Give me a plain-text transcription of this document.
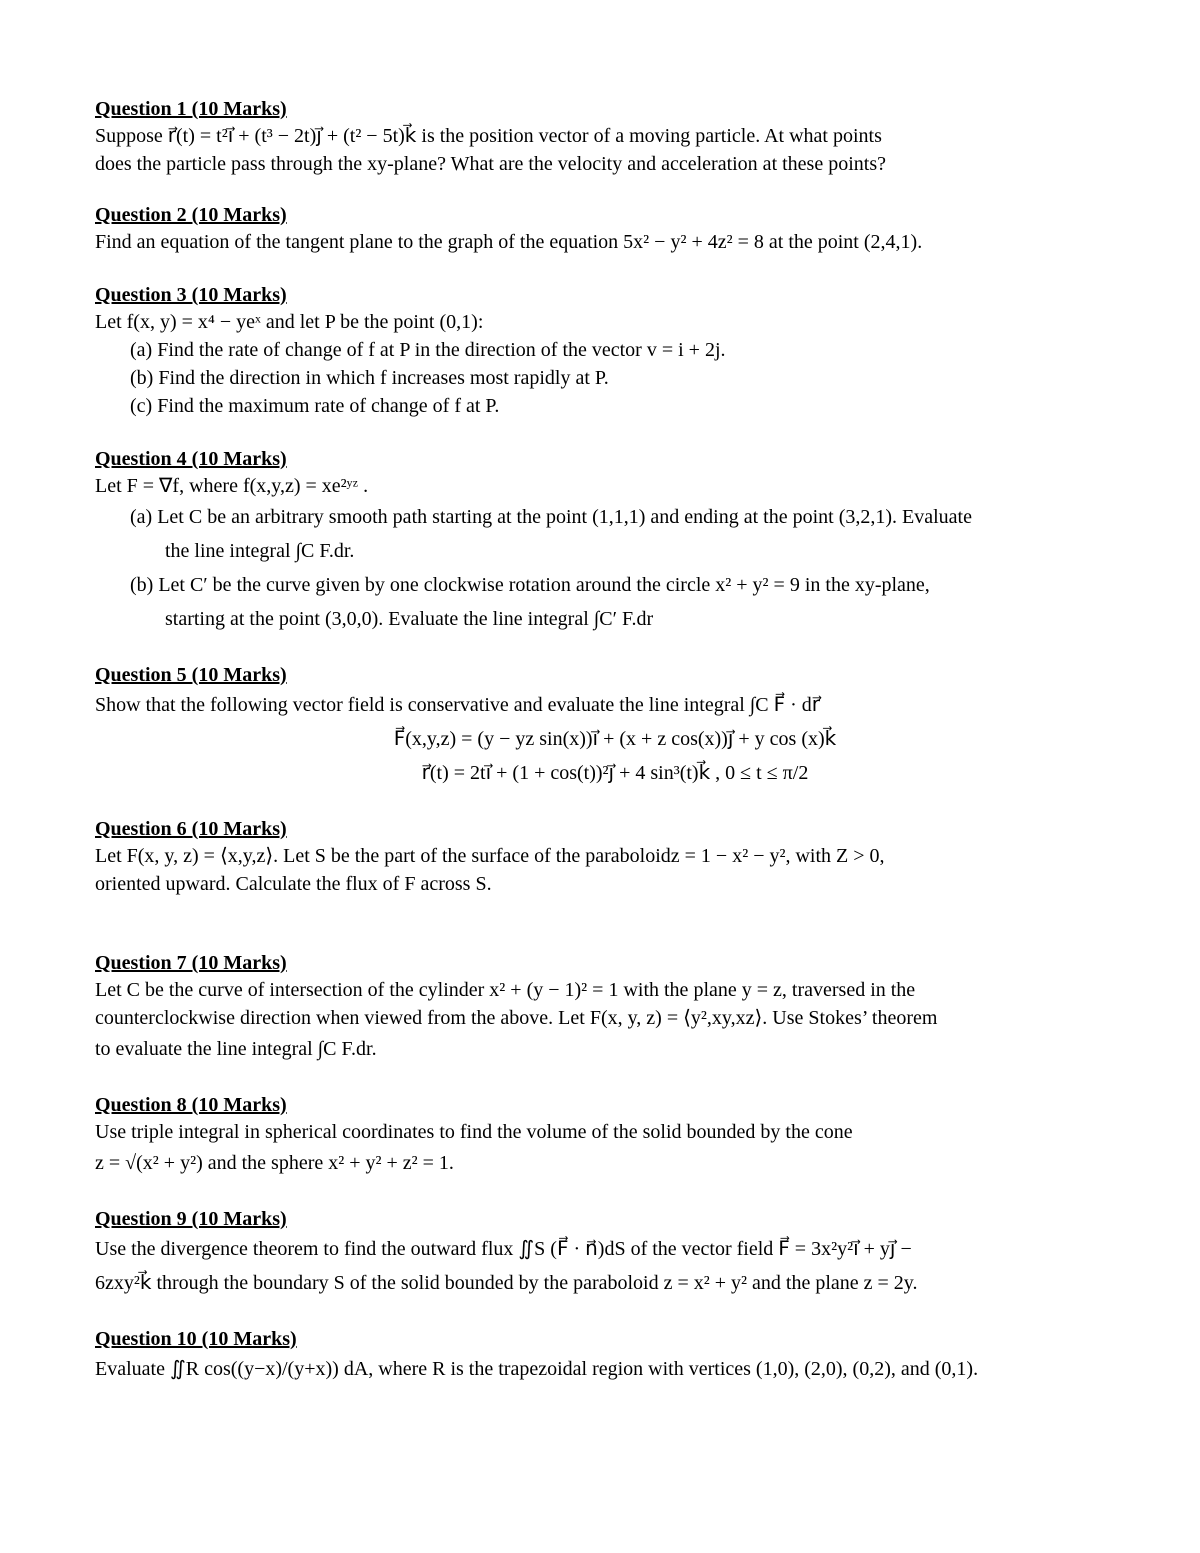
Question 1 (10 Marks)
Suppose r⃗(t) = t²i⃗ + (t³ − 2t)j⃗ + (t² − 5t)k⃗ is the position vector of a moving particle. At what points
does the particle pass through the xy-plane? What are the velocity and acceleration at these points?
Question 2 (10 Marks)
Find an equation of the tangent plane to the graph of the equation 5x² − y² + 4z² = 8 at the point (2,4,1).
Question 3 (10 Marks)
Let f(x, y) = x⁴ − yeˣ and let P be the point (0,1):
(a) Find the rate of change of f at P in the direction of the vector v = i + 2j.
(b) Find the direction in which f increases most rapidly at P.
(c) Find the maximum rate of change of f at P.
Question 4 (10 Marks)
Let F = ∇f, where f(x,y,z) = xe²ʸᶻ .
(a) Let C be an arbitrary smooth path starting at the point (1,1,1) and ending at the point (3,2,1). Evaluate
the line integral ∫C F.dr.
(b) Let C′ be the curve given by one clockwise rotation around the circle x² + y² = 9 in the xy-plane,
starting at the point (3,0,0). Evaluate the line integral ∫C′ F.dr
Question 5 (10 Marks)
Show that the following vector field is conservative and evaluate the line integral ∫C F⃗ · dr⃗
F⃗(x,y,z) = (y − yz sin(x))i⃗ + (x + z cos(x))j⃗ + y cos (x)k⃗
r⃗(t) = 2ti⃗ + (1 + cos(t))²j⃗ + 4 sin³(t)k⃗ , 0 ≤ t ≤ π/2
Question 6 (10 Marks)
Let F(x, y, z) = ⟨x,y,z⟩. Let S be the part of the surface of the paraboloidz = 1 − x² − y², with Z > 0,
oriented upward. Calculate the flux of F across S.
Question 7 (10 Marks)
Let C be the curve of intersection of the cylinder x² + (y − 1)² = 1 with the plane y = z, traversed in the
counterclockwise direction when viewed from the above. Let F(x, y, z) = ⟨y²,xy,xz⟩. Use Stokes’ theorem
to evaluate the line integral ∫C F.dr.
Question 8 (10 Marks)
Use triple integral in spherical coordinates to find the volume of the solid bounded by the cone
z = √(x² + y²) and the sphere x² + y² + z² = 1.
Question 9 (10 Marks)
Use the divergence theorem to find the outward flux ∬S (F⃗ · n⃗)dS of the vector field F⃗ = 3x²y²i⃗ + yj⃗ −
6zxy²k⃗ through the boundary S of the solid bounded by the paraboloid z = x² + y² and the plane z = 2y.
Question 10 (10 Marks)
Evaluate ∬R cos((y−x)/(y+x)) dA, where R is the trapezoidal region with vertices (1,0), (2,0), (0,2), and (0,1).
